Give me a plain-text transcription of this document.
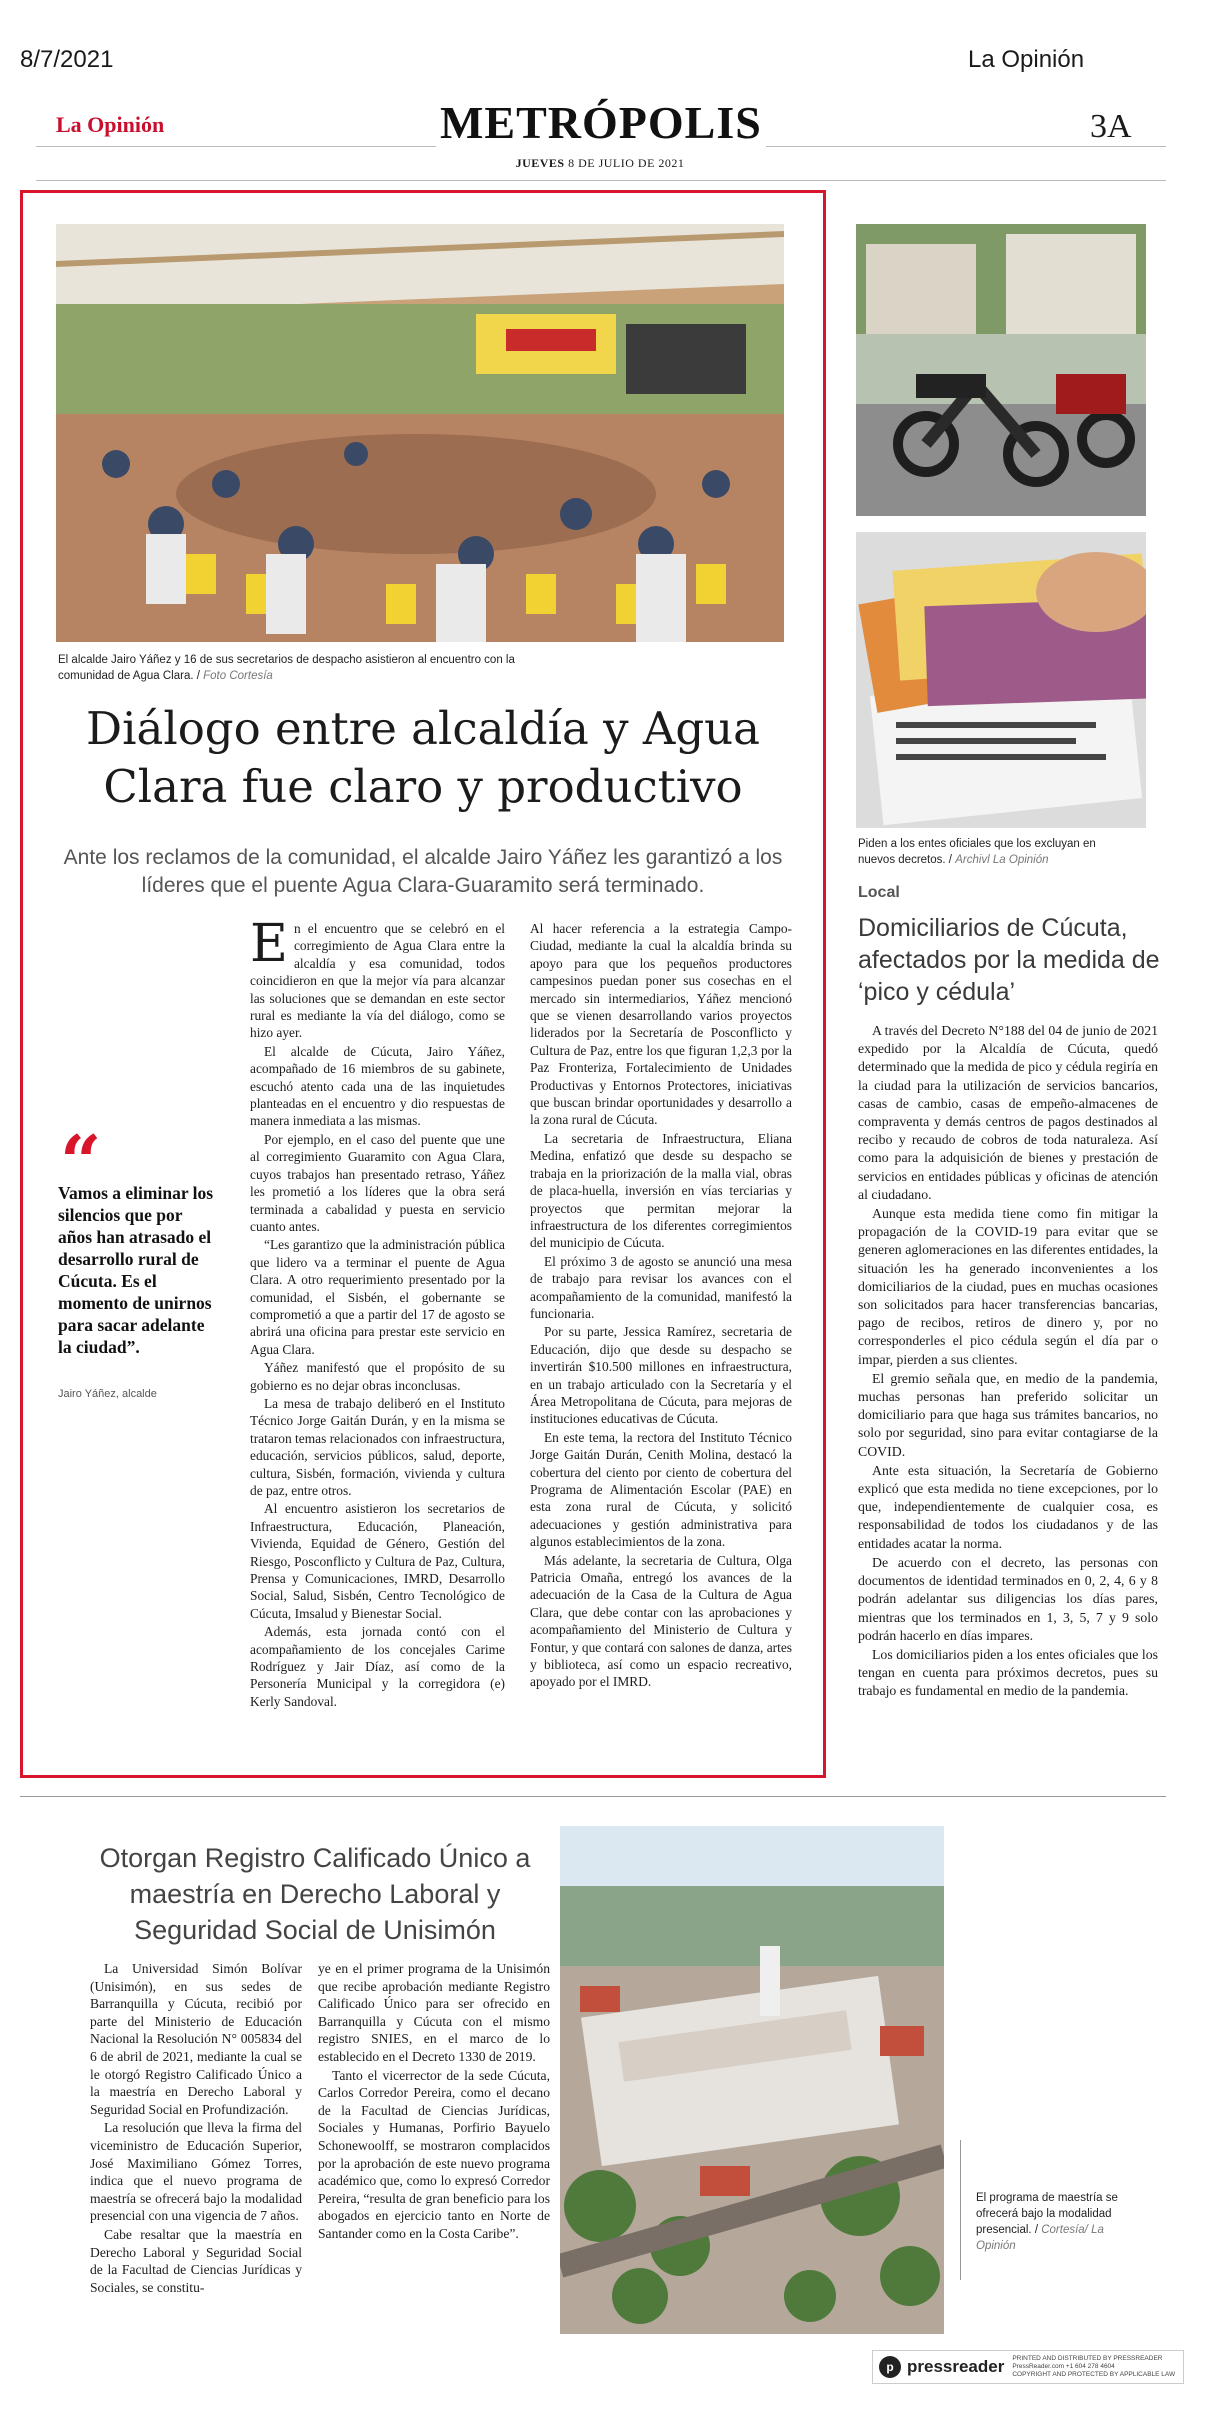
8/7/2021	La Opinión
La Opinión	METRÓPOLIS	3A
JUEVES 8 DE JULIO DE 2021
El alcalde Jairo Yáñez y 16 de sus secretarios de despacho asistieron al encuentro con la comunidad de Agua Clara. / Foto Cortesía
Diálogo entre alcaldía y Agua Clara fue claro y productivo
Ante los reclamos de la comunidad, el alcalde Jairo Yáñez les garantizó a los líderes que el puente Agua Clara-Guaramito será terminado.
“
Vamos a eliminar los silencios que por años han atrasado el desarrollo rural de Cúcuta. Es el momento de unirnos para sacar adelante la ciudad”.
Jairo Yáñez, alcalde

En el encuentro que se celebró en el corregimiento de Agua Clara entre la alcaldía y esa comunidad, todos coincidieron en que la mejor vía para alcanzar las soluciones que se demandan en este sector rural es mediante la vía del diálogo, como se hizo ayer.

El alcalde de Cúcuta, Jairo Yáñez, acompañado de 16 miembros de su gabinete, escuchó atento cada una de las inquietudes planteadas en el encuentro y dio respuestas de manera inmediata a las mismas.

Por ejemplo, en el caso del puente que une al corregimiento Guaramito con Agua Clara, cuyos trabajos han presentado retraso, Yáñez les prometió a los líderes que la obra será terminada a cabalidad y puesta en servicio cuanto antes.

“Les garantizo que la administración pública que lidero va a terminar el puente de Agua Clara. A otro requerimiento presentado por la comunidad, el Sisbén, el gobernante se comprometió a que a partir del 17 de agosto se abrirá una oficina para prestar este servicio en Agua Clara.

Yáñez manifestó que el propósito de su gobierno es no dejar obras inconclusas.

La mesa de trabajo deliberó en el Instituto Técnico Jorge Gaitán Durán, y en la misma se trataron temas relacionados con infraestructura, educación, servicios públicos, salud, deporte, cultura, Sisbén, formación, vivienda y cultura de paz, entre otros.

Al encuentro asistieron los secretarios de Infraestructura, Educación, Planeación, Vivienda, Equidad de Género, Gestión del Riesgo, Posconflicto y Cultura de Paz, Cultura, Prensa y Comunicaciones, IMRD, Desarrollo Social, Salud, Sisbén, Centro Tecnológico de Cúcuta, Imsalud y Bienestar Social.

Además, esta jornada contó con el acompañamiento de los concejales Carime Rodríguez y Jair Díaz, así como de la Personería Municipal y la corregidora (e) Kerly Sandoval.

Al hacer referencia a la estrategia Campo-Ciudad, mediante la cual la alcaldía brinda su apoyo para que los pequeños productores campesinos puedan poner sus cosechas en el mercado sin intermediarios, Yáñez mencionó que se vienen desarrollando varios proyectos liderados por la Secretaría de Posconflicto y Cultura de Paz, entre los que figuran 1,2,3 por la Paz Fronteriza, Fortalecimiento de Unidades Productivas y Entornos Protectores, iniciativas que buscan brindar oportunidades y desarrollo a la zona rural de Cúcuta.

La secretaria de Infraestructura, Eliana Medina, enfatizó que desde su despacho se trabaja en la priorización de la malla vial, obras de placa-huella, inversión en vías terciarias y proyectos que permitan mejorar la infraestructura de los diferentes corregimientos del municipio de Cúcuta.

El próximo 3 de agosto se anunció una mesa de trabajo para revisar los avances con el acompañamiento de la comunidad, manifestó la funcionaria.

Por su parte, Jessica Ramírez, secretaria de Educación, dijo que desde su despacho se invertirán $10.500 millones en infraestructura, en un trabajo articulado con la Secretaría y el Área Metropolitana de Cúcuta, para mejoras de instituciones educativas de Cúcuta.

En este tema, la rectora del Instituto Técnico Jorge Gaitán Durán, Cenith Molina, destacó la cobertura del ciento por ciento de cobertura del Programa de Alimentación Escolar (PAE) en esta zona rural de Cúcuta, y solicitó adecuaciones y gestión administrativa para algunos establecimientos de la zona.

Más adelante, la secretaria de Cultura, Olga Patricia Omaña, entregó los avances de la adecuación de la Casa de la Cultura de Agua Clara, que debe contar con las aprobaciones y acompañamiento del Ministerio de Cultura y Fontur, y que contará con salones de danza, artes y biblioteca, así como un espacio recreativo, apoyado por el IMRD.

Piden a los entes oficiales que los excluyan en nuevos decretos. / Archivl La Opinión
Local
Domiciliarios de Cúcuta, afectados por la medida de ‘pico y cédula’

A través del Decreto N°188 del 04 de junio de 2021 expedido por la Alcaldía de Cúcuta, quedó determinado que la medida de pico y cédula regiría en la ciudad para la utilización de servicios bancarios, casas de cambio, casas de empeño-almacenes de compraventa y demás centros de pagos destinados al recibo y recaudo de cobros de toda naturaleza. Así como para la adquisición de bienes y prestación de servicios en entidades públicas y oficinas de atención al ciudadano.

Aunque esta medida tiene como fin mitigar la propagación de la COVID-19 para evitar que se generen aglomeraciones en las diferentes entidades, la situación les ha generado inconvenientes a los domiciliarios de la ciudad, pues en muchas ocasiones son solicitados para hacer transferencias bancarias, pago de recibos, retiros de dinero y, por no corresponderles el pico cédula según el día par o impar, pierden a sus clientes.

El gremio señala que, en medio de la pandemia, muchas personas han preferido solicitar un domiciliario para que haga sus trámites bancarios, no solo por seguridad, sino para evitar contagiarse de la COVID.

Ante esta situación, la Secretaría de Gobierno explicó que esta medida no tiene excepciones, por lo que, independientemente de cualquier cosa, es responsabilidad de todos los ciudadanos y de las entidades acatar la norma.

De acuerdo con el decreto, las personas con documentos de identidad terminados en 0, 2, 4, 6 y 8 podrán adelantar sus diligencias los días pares, mientras que los terminados en 1, 3, 5, 7 y 9 solo podrán hacerlo en días impares.

Los domiciliarios piden a los entes oficiales que los tengan en cuenta para próximos decretos, pues su trabajo es fundamental en medio de la pandemia.

Otorgan Registro Calificado Único a maestría en Derecho Laboral y Seguridad Social de Unisimón

La Universidad Simón Bolívar (Unisimón), en sus sedes de Barranquilla y Cúcuta, recibió por parte del Ministerio de Educación Nacional la Resolución N° 005834 del 6 de abril de 2021, mediante la cual se le otorgó Registro Calificado Único a la maestría en Derecho Laboral y Seguridad Social en Profundización.

La resolución que lleva la firma del viceministro de Educación Superior, José Maximiliano Gómez Torres, indica que el nuevo programa de maestría se ofrecerá bajo la modalidad presencial con una vigencia de 7 años.

Cabe resaltar que la maestría en Derecho Laboral y Seguridad Social de la Facultad de Ciencias Jurídicas y Sociales, se constitu-

ye en el primer programa de la Unisimón que recibe aprobación mediante Registro Calificado Único para ser ofrecido en Barranquilla y Cúcuta con el mismo registro SNIES, en el marco de lo establecido en el Decreto 1330 de 2019.

Tanto el vicerrector de la sede Cúcuta, Carlos Corredor Pereira, como el decano de la Facultad de Ciencias Jurídicas, Sociales y Humanas, Porfirio Bayuelo Schonewoolff, se mostraron complacidos por la aprobación de este nuevo programa académico que, como lo expresó Corredor Pereira, “resulta de gran beneficio para los abogados en ejercicio tanto en Norte de Santander como en la Costa Caribe”.

El programa de maestría se ofrecerá bajo la modalidad presencial. / Cortesía/ La Opinión
p pressreader PRINTED AND DISTRIBUTED BY PRESSREADER
PressReader.com +1 604 278 4604
COPYRIGHT AND PROTECTED BY APPLICABLE LAW
